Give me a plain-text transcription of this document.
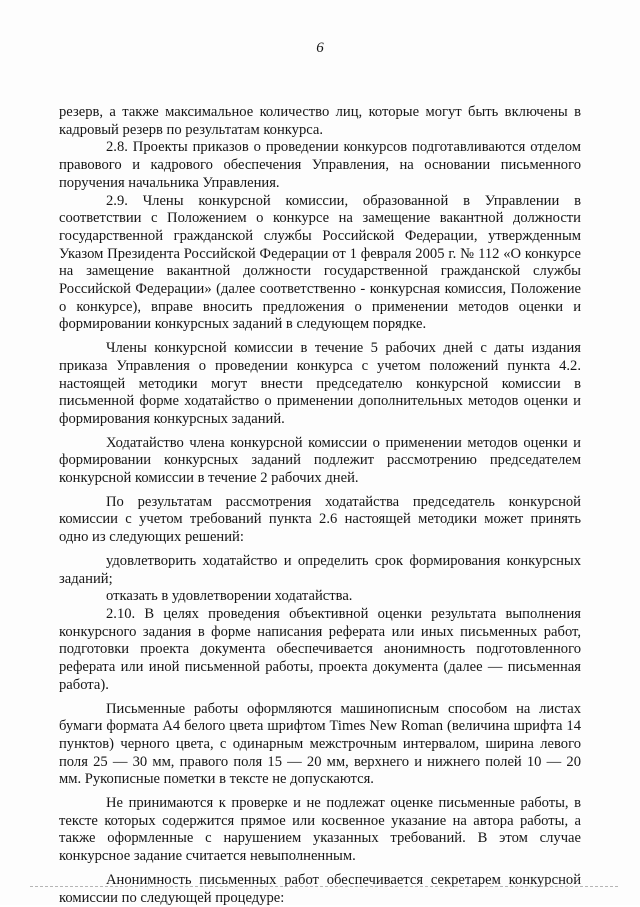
6

резерв, а также максимальное количество лиц, которые могут быть включены в кадровый резерв по результатам конкурса.

2.8. Проекты приказов о проведении конкурсов подготавливаются отделом правового и кадрового обеспечения Управления, на основании письменного поручения начальника Управления.

2.9. Члены конкурсной комиссии, образованной в Управлении в соответствии с Положением о конкурсе на замещение вакантной должности государственной гражданской службы Российской Федерации, утвержденным Указом Президента Российской Федерации от 1 февраля 2005 г. № 112 «О конкурсе на замещение вакантной должности государственной гражданской службы Российской Федерации» (далее соответственно - конкурсная комиссия, Положение о конкурсе), вправе вносить предложения о применении методов оценки и формировании конкурсных заданий в следующем порядке.

Члены конкурсной комиссии в течение 5 рабочих дней с даты издания приказа Управления о проведении конкурса с учетом положений пункта 4.2. настоящей методики могут внести председателю конкурсной комиссии в письменной форме ходатайство о применении дополнительных методов оценки и формирования конкурсных заданий.

Ходатайство члена конкурсной комиссии о применении методов оценки и формировании конкурсных заданий подлежит рассмотрению председателем конкурсной комиссии в течение 2 рабочих дней.

По результатам рассмотрения ходатайства председатель конкурсной комиссии с учетом требований пункта 2.6 настоящей методики может принять одно из следующих решений:

удовлетворить ходатайство и определить срок формирования конкурсных заданий;

отказать в удовлетворении ходатайства.

2.10. В целях проведения объективной оценки результата выполнения конкурсного задания в форме написания реферата или иных письменных работ, подготовки проекта документа обеспечивается анонимность подготовленного реферата или иной письменной работы, проекта документа (далее — письменная работа).

Письменные работы оформляются машинописным способом на листах бумаги формата А4 белого цвета шрифтом Times New Roman (величина шрифта 14 пунктов) черного цвета, с одинарным межстрочным интервалом, ширина левого поля 25 — 30 мм, правого поля 15 — 20 мм, верхнего и нижнего полей 10 — 20 мм. Рукописные пометки в тексте не допускаются.

Не принимаются к проверке и не подлежат оценке письменные работы, в тексте которых содержится прямое или косвенное указание на автора работы, а также оформленные с нарушением указанных требований. В этом случае конкурсное задание считается невыполненным.

Анонимность письменных работ обеспечивается секретарем конкурсной комиссии по следующей процедуре:
